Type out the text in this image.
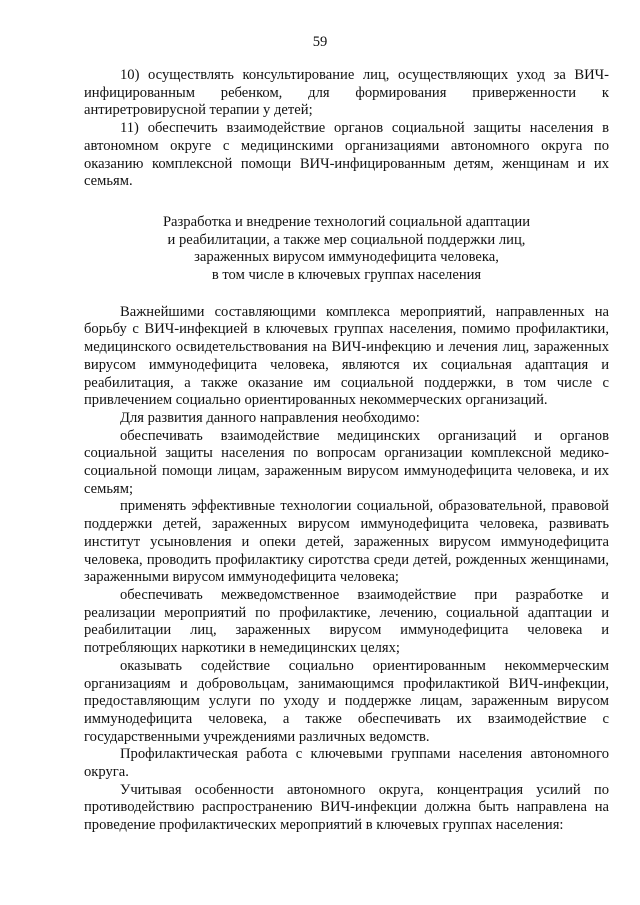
59

10) осуществлять консультирование лиц, осуществляющих уход за ВИЧ-инфицированным ребенком, для формирования приверженности к антиретровирусной терапии у детей;

11) обеспечить взаимодействие органов социальной защиты населения в автономном округе с медицинскими организациями автономного округа по оказанию комплексной помощи ВИЧ-инфицированным детям, женщинам и их семьям.

Разработка и внедрение технологий социальной адаптации
и реабилитации, а также мер социальной поддержки лиц,
зараженных вирусом иммунодефицита человека,
в том числе в ключевых группах населения

Важнейшими составляющими комплекса мероприятий, направленных на борьбу с ВИЧ-инфекцией в ключевых группах населения, помимо профилактики, медицинского освидетельствования на ВИЧ-инфекцию и лечения лиц, зараженных вирусом иммунодефицита человека, являются их социальная адаптация и реабилитация, а также оказание им социальной поддержки, в том числе с привлечением социально ориентированных некоммерческих организаций.

Для развития данного направления необходимо:

обеспечивать взаимодействие медицинских организаций и органов социальной защиты населения по вопросам организации комплексной медико-социальной помощи лицам, зараженным вирусом иммунодефицита человека, и их семьям;

применять эффективные технологии социальной, образовательной, правовой поддержки детей, зараженных вирусом иммунодефицита человека, развивать институт усыновления и опеки детей, зараженных вирусом иммунодефицита человека, проводить профилактику сиротства среди детей, рожденных женщинами, зараженными вирусом иммунодефицита человека;

обеспечивать межведомственное взаимодействие при разработке и реализации мероприятий по профилактике, лечению, социальной адаптации и реабилитации лиц, зараженных вирусом иммунодефицита человека и потребляющих наркотики в немедицинских целях;

оказывать содействие социально ориентированным некоммерческим организациям и добровольцам, занимающимся профилактикой ВИЧ-инфекции, предоставляющим услуги по уходу и поддержке лицам, зараженным вирусом иммунодефицита человека, а также обеспечивать их взаимодействие с государственными учреждениями различных ведомств.

Профилактическая работа с ключевыми группами населения автономного округа.

Учитывая особенности автономного округа, концентрация усилий по противодействию распространению ВИЧ-инфекции должна быть направлена на проведение профилактических мероприятий в ключевых группах населения:
